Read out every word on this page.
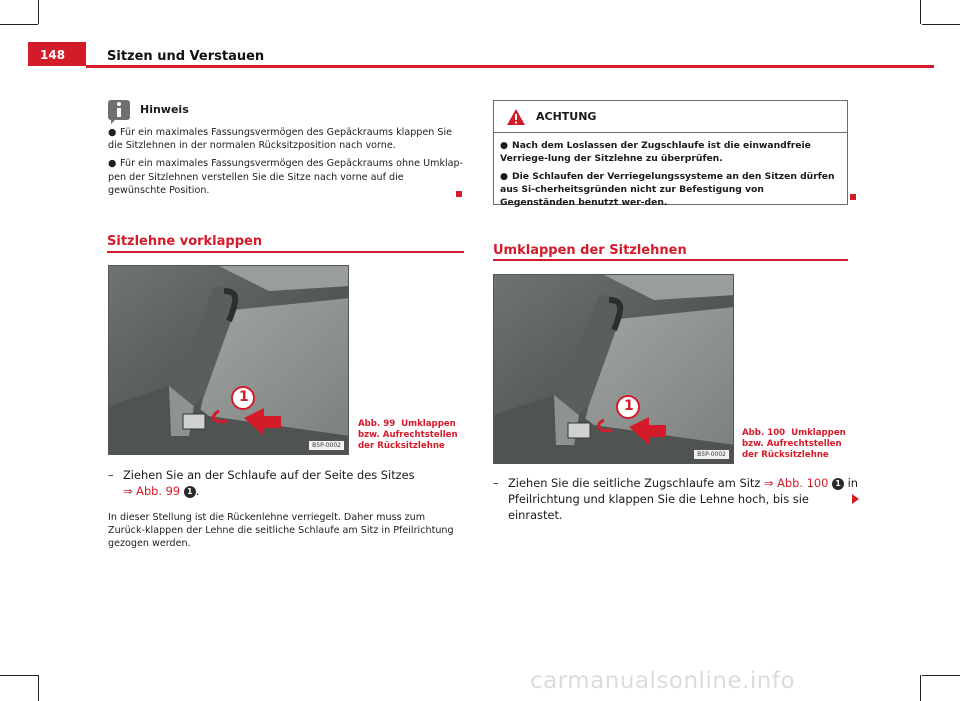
148	Sitzen und Verstauen
Hinweis
● Für ein maximales Fassungsvermögen des Gepäckraums klappen Sie die Sitzlehnen in der normalen Rücksitzposition nach vorne.
● Für ein maximales Fassungsvermögen des Gepäckraums ohne Umklap-pen der Sitzlehnen verstellen Sie die Sitze nach vorne auf die gewünschte Position.
ACHTUNG
● Nach dem Loslassen der Zugschlaufe ist die einwandfreie Verriege-lung der Sitzlehne zu überprüfen.
● Die Schlaufen der Verriegelungssysteme an den Sitzen dürfen aus Si-cherheitsgründen nicht zur Befestigung von Gegenständen benutzt wer-den.
Sitzlehne vorklappen
1
B5P-0002
Abb. 99 Umklappen bzw. Aufrechtstellen der Rücksitzlehne
– Ziehen Sie an der Schlaufe auf der Seite des Sitzes
⇒ Abb. 99 1 .
In dieser Stellung ist die Rückenlehne verriegelt. Daher muss zum Zurück-klappen der Lehne die seitliche Schlaufe am Sitz in Pfeilrichtung gezogen werden.
Umklappen der Sitzlehnen
1
B5P-0002
Abb. 100 Umklappen bzw. Aufrechtstellen der Rücksitzlehne
– Ziehen Sie die seitliche Zugschlaufe am Sitz ⇒ Abb. 100 1 in Pfeilrichtung und klappen Sie die Lehne hoch, bis sie einrastet.
carmanualsonline.info
